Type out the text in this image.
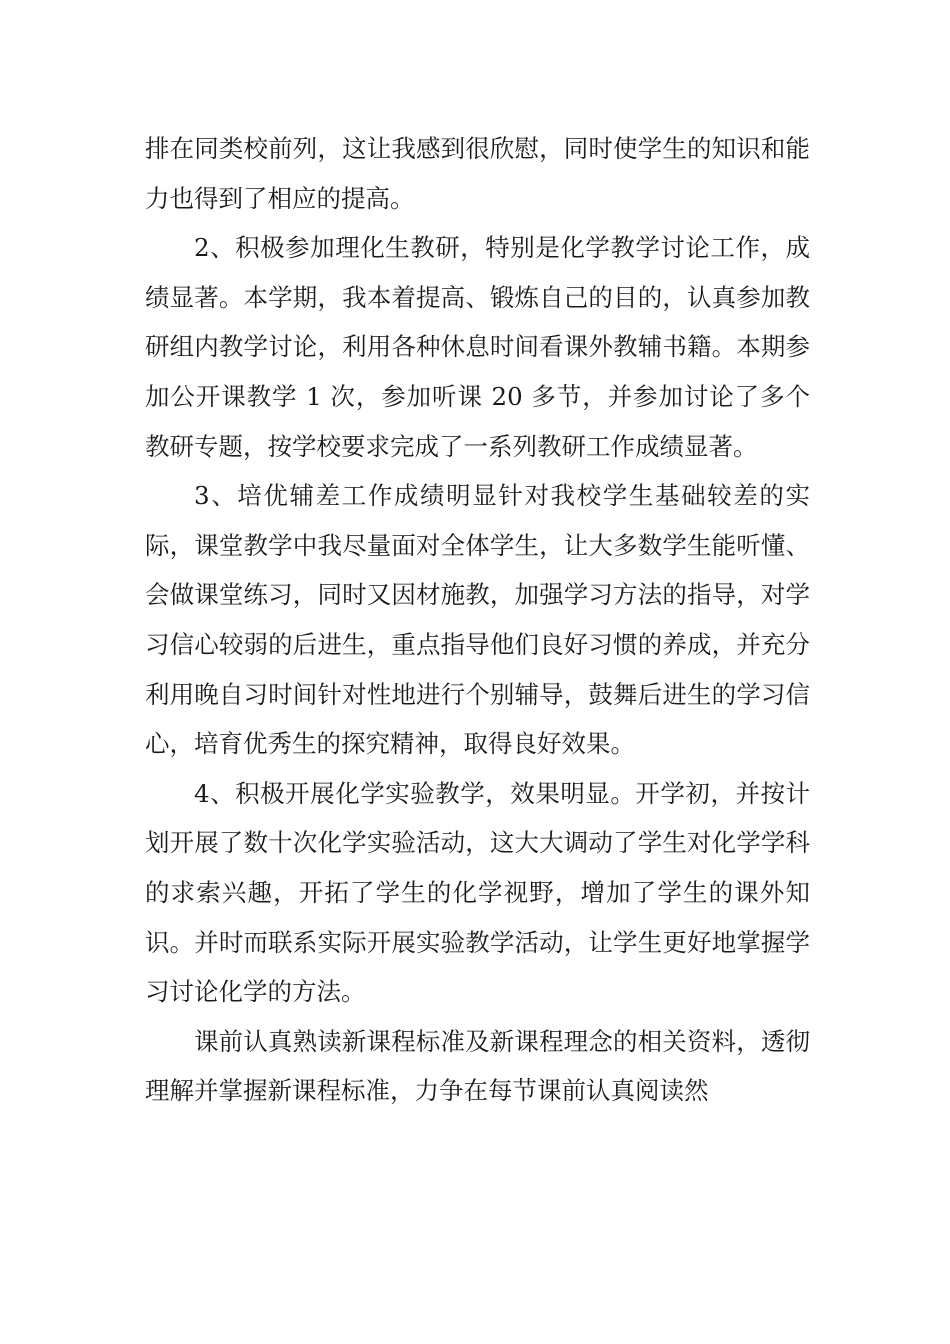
排在同类校前列，这让我感到很欣慰，同时使学生的知识和能力也得到了相应的提高。

2、积极参加理化生教研，特别是化学教学讨论工作，成绩显著。本学期，我本着提高、锻炼自己的目的，认真参加教研组内教学讨论，利用各种休息时间看课外教辅书籍。本期参加公开课教学 1 次，参加听课 20 多节，并参加讨论了多个教研专题，按学校要求完成了一系列教研工作成绩显著。

3、培优辅差工作成绩明显针对我校学生基础较差的实际，课堂教学中我尽量面对全体学生，让大多数学生能听懂、会做课堂练习，同时又因材施教，加强学习方法的指导，对学习信心较弱的后进生，重点指导他们良好习惯的养成，并充分利用晚自习时间针对性地进行个别辅导，鼓舞后进生的学习信心，培育优秀生的探究精神，取得良好效果。

4、积极开展化学实验教学，效果明显。开学初，并按计划开展了数十次化学实验活动，这大大调动了学生对化学学科的求索兴趣，开拓了学生的化学视野，增加了学生的课外知识。并时而联系实际开展实验教学活动，让学生更好地掌握学习讨论化学的方法。

课前认真熟读新课程标准及新课程理念的相关资料，透彻理解并掌握新课程标准，力争在每节课前认真阅读然
